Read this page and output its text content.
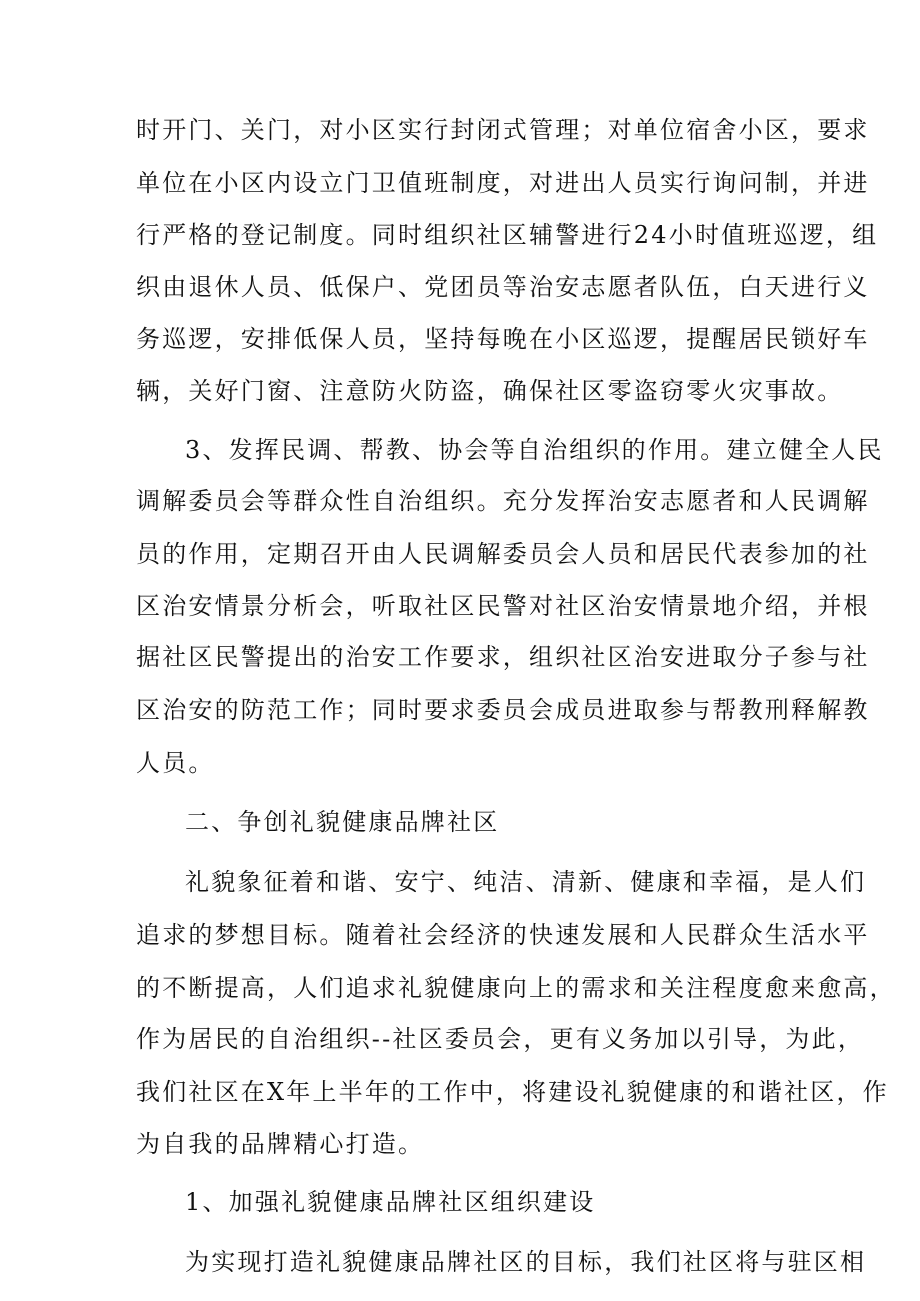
时开门、关门，对小区实行封闭式管理；对单位宿舍小区，要求
单位在小区内设立门卫值班制度，对进出人员实行询问制，并进
行严格的登记制度。同时组织社区辅警进行24小时值班巡逻，组
织由退休人员、低保户、党团员等治安志愿者队伍，白天进行义
务巡逻，安排低保人员，坚持每晚在小区巡逻，提醒居民锁好车
辆，关好门窗、注意防火防盗，确保社区零盗窃零火灾事故。
3、发挥民调、帮教、协会等自治组织的作用。建立健全人民
调解委员会等群众性自治组织。充分发挥治安志愿者和人民调解
员的作用，定期召开由人民调解委员会人员和居民代表参加的社
区治安情景分析会，听取社区民警对社区治安情景地介绍，并根
据社区民警提出的治安工作要求，组织社区治安进取分子参与社
区治安的防范工作；同时要求委员会成员进取参与帮教刑释解教
人员。
二、争创礼貌健康品牌社区
礼貌象征着和谐、安宁、纯洁、清新、健康和幸福，是人们
追求的梦想目标。随着社会经济的快速发展和人民群众生活水平
的不断提高，人们追求礼貌健康向上的需求和关注程度愈来愈高，
作为居民的自治组织--社区委员会，更有义务加以引导，为此，
我们社区在X年上半年的工作中，将建设礼貌健康的和谐社区，作
为自我的品牌精心打造。
1、加强礼貌健康品牌社区组织建设
为实现打造礼貌健康品牌社区的目标，我们社区将与驻区相
